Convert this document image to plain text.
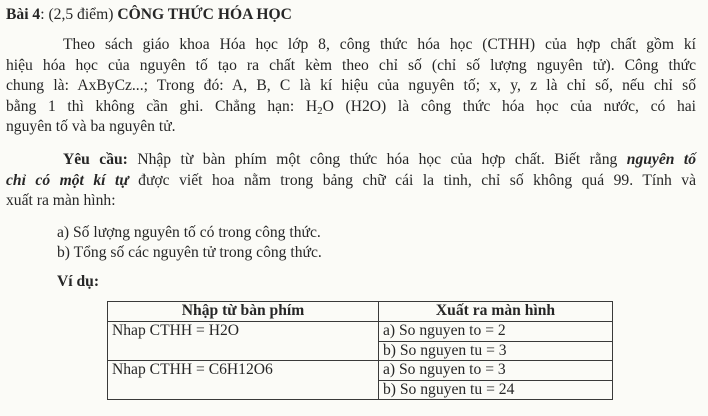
Bài 4: (2,5 điểm) CÔNG THỨC HÓA HỌC
Theo sách giáo khoa Hóa học lớp 8, công thức hóa học (CTHH) của hợp chất gồm kí
hiệu hóa học của nguyên tố tạo ra chất kèm theo chỉ số (chỉ số lượng nguyên tử). Công thức
chung là: AxByCz...; Trong đó: A, B, C là kí hiệu của nguyên tố; x, y, z là chỉ số, nếu chỉ số
bằng 1 thì không cần ghi. Chẳng hạn: $H_2O$ (H2O) là công thức hóa học của nước, có hai
nguyên tố và ba nguyên tử.
Yêu cầu: Nhập từ bàn phím một công thức hóa học của hợp chất. Biết rằng nguyên tố
chỉ có một kí tự được viết hoa nằm trong bảng chữ cái la tinh, chỉ số không quá 99. Tính và
xuất ra màn hình:
a) Số lượng nguyên tố có trong công thức.
b) Tổng số các nguyên tử trong công thức.
Ví dụ:
Nhập từ bàn phím	Xuất ra màn hình
Nhap CTHH = H2O	a) So nguyen to = 2
	b) So nguyen tu = 3
Nhap CTHH = C6H12O6	a) So nguyen to = 3
	b) So nguyen tu = 24
